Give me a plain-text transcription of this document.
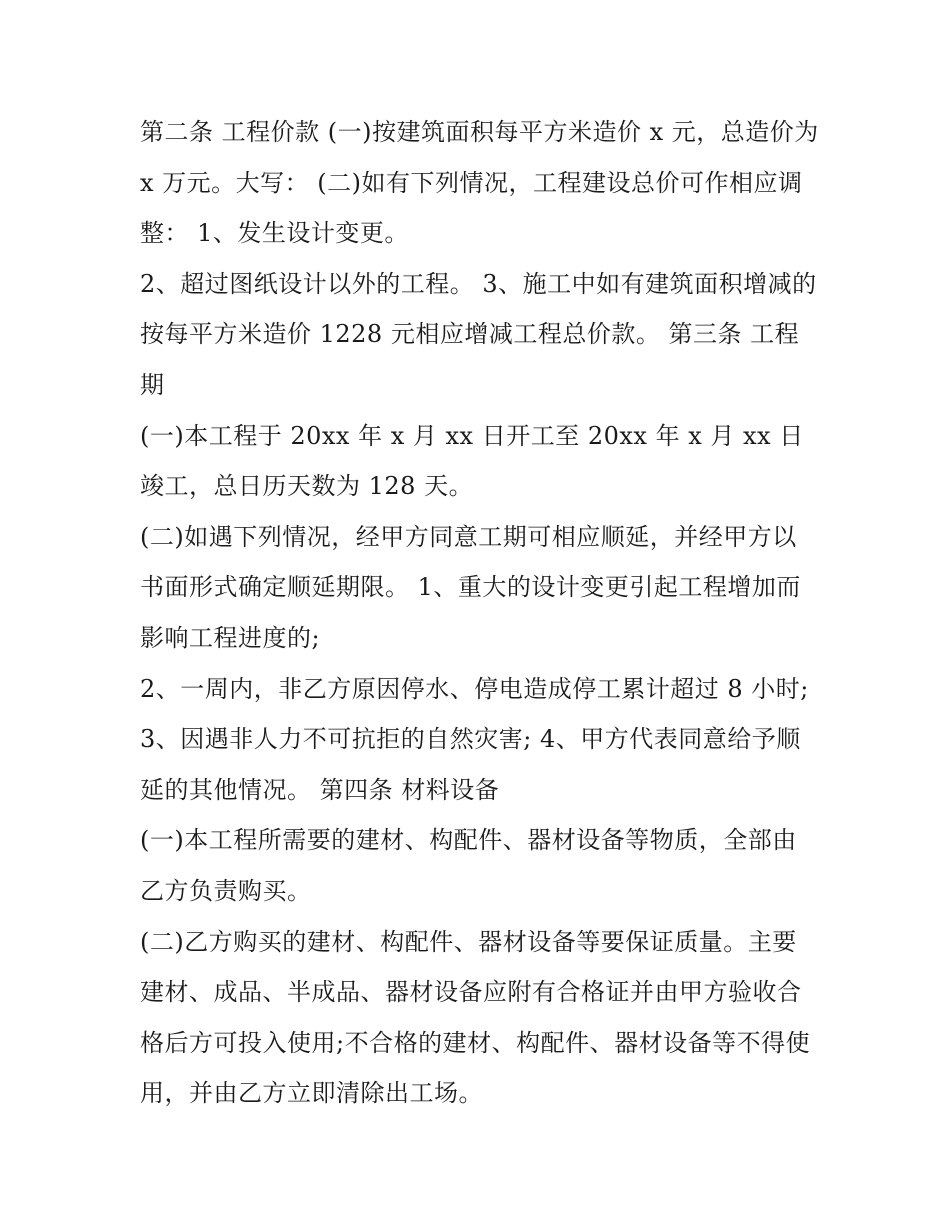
第二条 工程价款 (一)按建筑面积每平方米造价 x 元，总造价为 x 万元。大写： (二)如有下列情况，工程建设总价可作相应调整： 1、发生设计变更。

2、超过图纸设计以外的工程。 3、施工中如有建筑面积增减的按每平方米造价 1228 元相应增减工程总价款。 第三条 工程期

(一)本工程于 20xx 年 x 月 xx 日开工至 20xx 年 x 月 xx 日竣工，总日历天数为 128 天。

(二)如遇下列情况，经甲方同意工期可相应顺延，并经甲方以书面形式确定顺延期限。 1、重大的设计变更引起工程增加而影响工程进度的;

2、一周内，非乙方原因停水、停电造成停工累计超过 8 小时;

3、因遇非人力不可抗拒的自然灾害; 4、甲方代表同意给予顺延的其他情况。 第四条 材料设备

(一)本工程所需要的建材、构配件、器材设备等物质，全部由乙方负责购买。

(二)乙方购买的建材、构配件、器材设备等要保证质量。主要建材、成品、半成品、器材设备应附有合格证并由甲方验收合格后方可投入使用;不合格的建材、构配件、器材设备等不得使用，并由乙方立即清除出工场。
